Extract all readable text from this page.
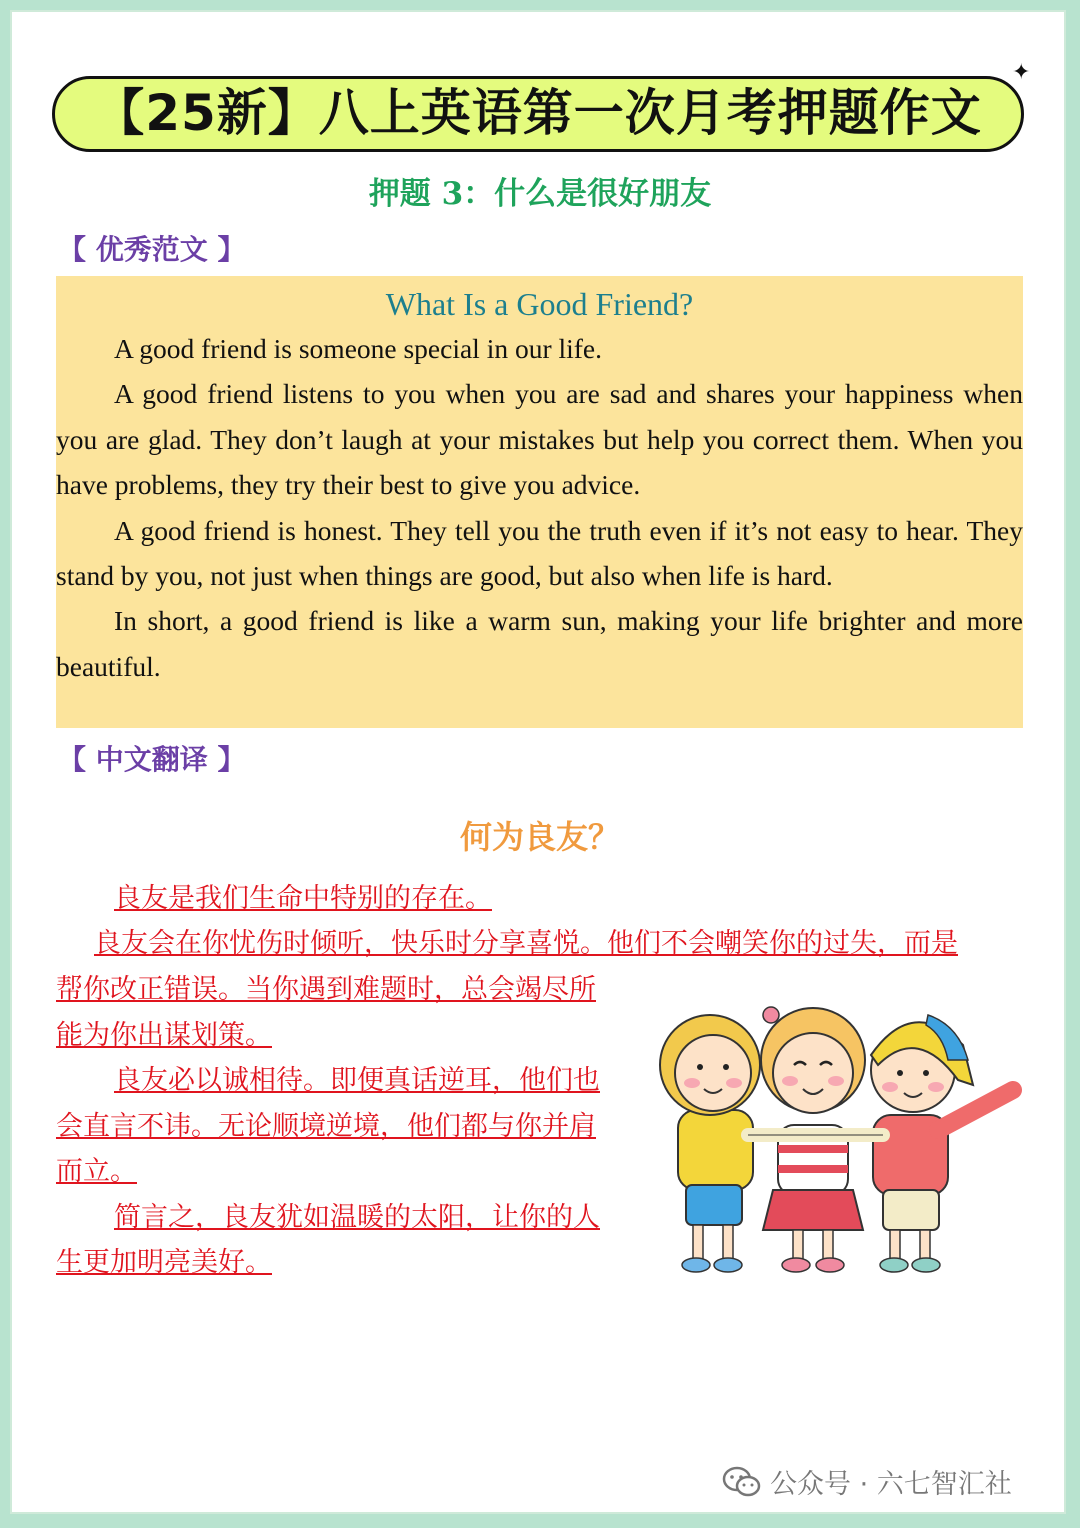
【25新】八上英语第一次月考押题作文
✦
押题 3：什么是很好朋友
【 优秀范文 】
What Is a Good Friend?

A good friend is someone special in our life.

A good friend listens to you when you are sad and shares your happiness when you are glad. They don’t laugh at your mistakes but help you correct them. When you have problems, they try their best to give you advice.

A good friend is honest. They tell you the truth even if it’s not easy to hear. They stand by you, not just when things are good, but also when life is hard.

In short, a good friend is like a warm sun, making your life brighter and more beautiful.

【 中文翻译 】
何为良友？
良友是我们生命中特别的存在。
良友会在你忧伤时倾听，快乐时分享喜悦。他们不会嘲笑你的过失，而是

帮你改正错误。当你遇到难题时，总会竭尽所能为你出谋划策。

良友必以诚相待。即便真话逆耳，他们也会直言不讳。无论顺境逆境，他们都与你并肩而立。

简言之，良友犹如温暖的太阳，让你的人生更加明亮美好。

公众号 · 六七智汇社
